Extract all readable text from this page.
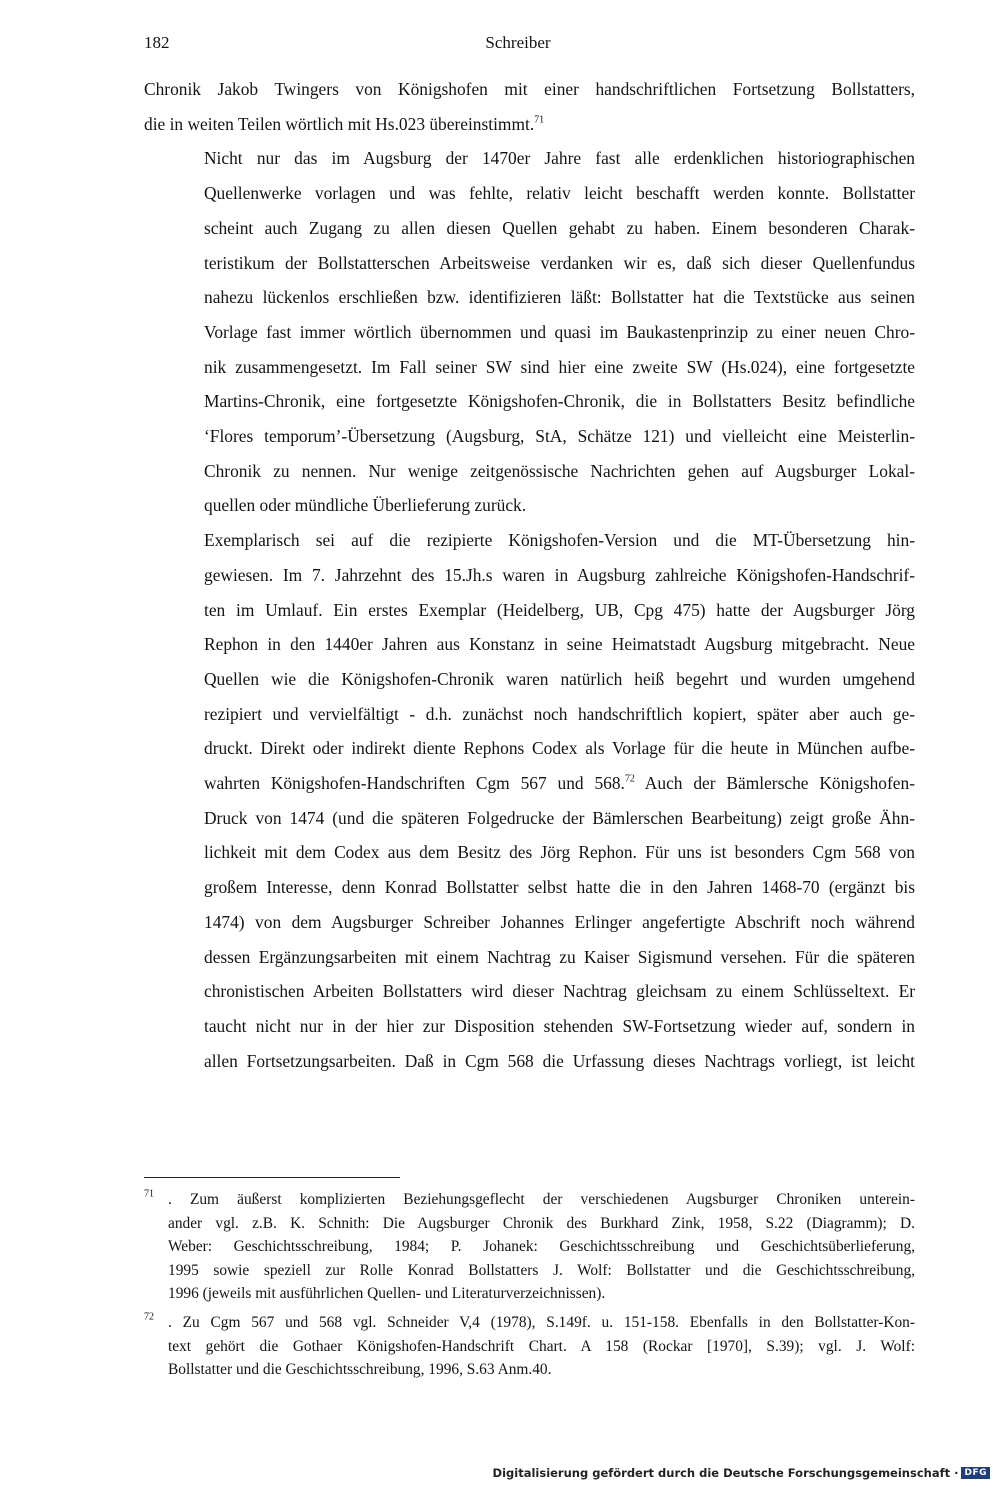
182	Schreiber

Chronik Jakob Twingers von Königshofen mit einer handschriftlichen Fortsetzung Bollstatters,
die in weiten Teilen wörtlich mit Hs.023 übereinstimmt.$^{71}$

Nicht nur das im Augsburg der 1470er Jahre fast alle erdenklichen historiographischen
Quellenwerke vorlagen und was fehlte, relativ leicht beschafft werden konnte. Bollstatter
scheint auch Zugang zu allen diesen Quellen gehabt zu haben. Einem besonderen Charak-
teristikum der Bollstatterschen Arbeitsweise verdanken wir es, daß sich dieser Quellenfundus
nahezu lückenlos erschließen bzw. identifizieren läßt: Bollstatter hat die Textstücke aus seinen
Vorlage fast immer wörtlich übernommen und quasi im Baukastenprinzip zu einer neuen Chro-
nik zusammengesetzt. Im Fall seiner SW sind hier eine zweite SW (Hs.024), eine fortgesetzte
Martins-Chronik, eine fortgesetzte Königshofen-Chronik, die in Bollstatters Besitz befindliche
‘Flores temporum’-Übersetzung (Augsburg, StA, Schätze 121) und vielleicht eine Meisterlin-
Chronik zu nennen. Nur wenige zeitgenössische Nachrichten gehen auf Augsburger Lokal-
quellen oder mündliche Überlieferung zurück.

Exemplarisch sei auf die rezipierte Königshofen-Version und die MT-Übersetzung hin-
gewiesen. Im 7. Jahrzehnt des 15.Jh.s waren in Augsburg zahlreiche Königshofen-Handschrif-
ten im Umlauf. Ein erstes Exemplar (Heidelberg, UB, Cpg 475) hatte der Augsburger Jörg
Rephon in den 1440er Jahren aus Konstanz in seine Heimatstadt Augsburg mitgebracht. Neue
Quellen wie die Königshofen-Chronik waren natürlich heiß begehrt und wurden umgehend
rezipiert und vervielfältigt - d.h. zunächst noch handschriftlich kopiert, später aber auch ge-
druckt. Direkt oder indirekt diente Rephons Codex als Vorlage für die heute in München aufbe-
wahrten Königshofen-Handschriften Cgm 567 und 568.72 Auch der Bämlersche Königshofen-
Druck von 1474 (und die späteren Folgedrucke der Bämlerschen Bearbeitung) zeigt große Ähn-
lichkeit mit dem Codex aus dem Besitz des Jörg Rephon. Für uns ist besonders Cgm 568 von
großem Interesse, denn Konrad Bollstatter selbst hatte die in den Jahren 1468-70 (ergänzt bis
1474) von dem Augsburger Schreiber Johannes Erlinger angefertigte Abschrift noch während
dessen Ergänzungsarbeiten mit einem Nachtrag zu Kaiser Sigismund versehen. Für die späteren
chronistischen Arbeiten Bollstatters wird dieser Nachtrag gleichsam zu einem Schlüsseltext. Er
taucht nicht nur in der hier zur Disposition stehenden SW-Fortsetzung wieder auf, sondern in
allen Fortsetzungsarbeiten. Daß in Cgm 568 die Urfassung dieses Nachtrags vorliegt, ist leicht

$^{71}$ . Zum äußerst komplizierten Beziehungsgeflecht der verschiedenen Augsburger Chroniken unterein-
ander vgl. z.B. K. Schnith: Die Augsburger Chronik des Burkhard Zink, 1958, S.22 (Diagramm); D.
Weber: Geschichtsschreibung, 1984; P. Johanek: Geschichtsschreibung und Geschichtsüberlieferung,
1995 sowie speziell zur Rolle Konrad Bollstatters J. Wolf: Bollstatter und die Geschichtsschreibung,
1996 (jeweils mit ausführlichen Quellen- und Literaturverzeichnissen).
$^{72}$ . Zu Cgm 567 und 568 vgl. Schneider V,4 (1978), S.149f. u. 151-158. Ebenfalls in den Bollstatter-Kon-
text gehört die Gothaer Königshofen-Handschrift Chart. A 158 (Rockar [1970], S.39); vgl. J. Wolf:
Bollstatter und die Geschichtsschreibung, 1996, S.63 Anm.40.
Digitalisierung gefördert durch die Deutsche Forschungsgemeinschaft · DFG
